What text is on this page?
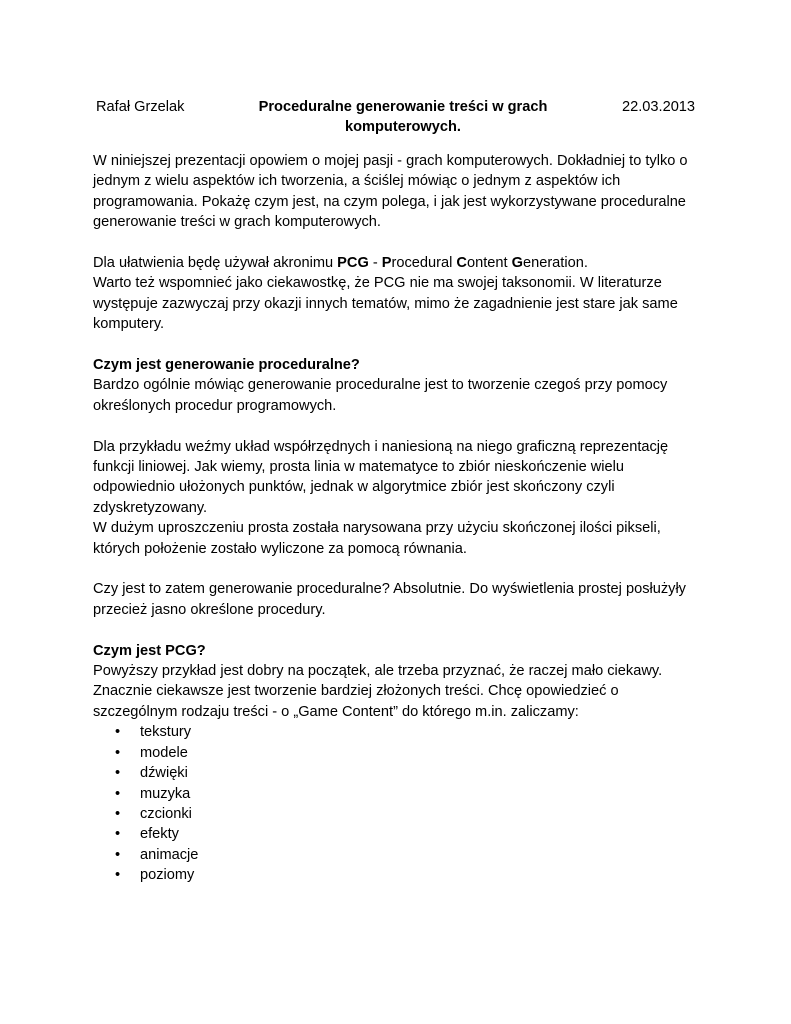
Rafał Grzelak	Proceduralne generowanie treści w grach komputerowych.
22.03.2013

W niniejszej prezentacji opowiem o mojej pasji - grach komputerowych. Dokładniej to tylko o jednym z wielu aspektów ich tworzenia, a ściślej mówiąc o jednym z aspektów ich programowania. Pokażę czym jest, na czym polega, i jak jest wykorzystywane proceduralne generowanie treści w grach komputerowych.

Dla ułatwienia będę używał akronimu PCG - Procedural Content Generation.

Warto też wspomnieć jako ciekawostkę, że PCG nie ma swojej taksonomii. W literaturze występuje zazwyczaj przy okazji innych tematów, mimo że zagadnienie jest stare jak same komputery.

Czym jest generowanie proceduralne?

Bardzo ogólnie mówiąc generowanie proceduralne jest to tworzenie czegoś przy pomocy określonych procedur programowych.

Dla przykładu weźmy układ współrzędnych i naniesioną na niego graficzną reprezentację funkcji liniowej. Jak wiemy, prosta linia w matematyce to zbiór nieskończenie wielu odpowiednio ułożonych punktów, jednak w algorytmice zbiór jest skończony czyli zdyskretyzowany.

W dużym uproszczeniu prosta została narysowana przy użyciu skończonej ilości pikseli, których położenie zostało wyliczone za pomocą równania.

Czy jest to zatem generowanie proceduralne? Absolutnie. Do wyświetlenia prostej posłużyły przecież jasno określone procedury.

Czym jest PCG?

Powyższy przykład jest dobry na początek, ale trzeba przyznać, że raczej mało ciekawy. Znacznie ciekawsze jest tworzenie bardziej złożonych treści. Chcę opowiedzieć o szczególnym rodzaju treści - o „Game Content” do którego m.in. zaliczamy:

• tekstury
• modele
• dźwięki
• muzyka
• czcionki
• efekty
• animacje
• poziomy
